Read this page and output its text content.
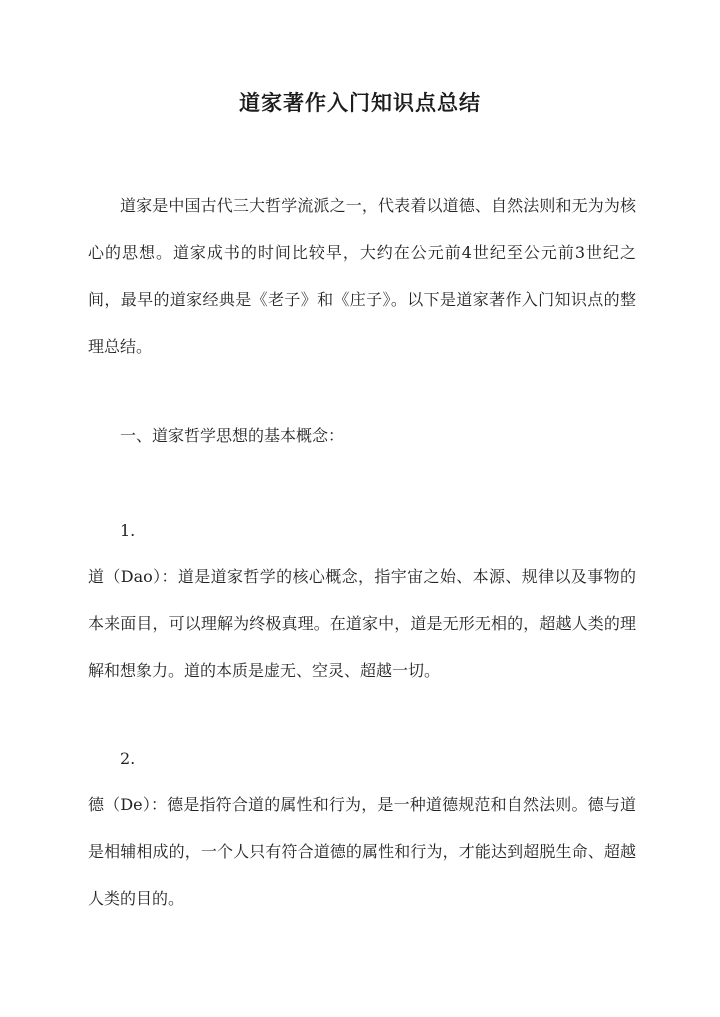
道家著作入门知识点总结
道家是中国古代三大哲学流派之一，代表着以道德、自然法则和无为为核心的思想。道家成书的时间比较早，大约在公元前4世纪至公元前3世纪之间，最早的道家经典是《老子》和《庄子》。以下是道家著作入门知识点的整理总结。
一、道家哲学思想的基本概念：
1.
道（Dao）：道是道家哲学的核心概念，指宇宙之始、本源、规律以及事物的本来面目，可以理解为终极真理。在道家中，道是无形无相的，超越人类的理解和想象力。道的本质是虚无、空灵、超越一切。
2.
德（De）：德是指符合道的属性和行为，是一种道德规范和自然法则。德与道是相辅相成的，一个人只有符合道德的属性和行为，才能达到超脱生命、超越人类的目的。
